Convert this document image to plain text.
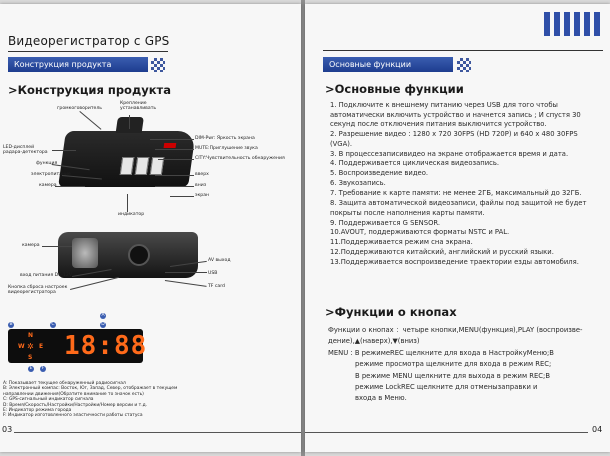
Видеорегистратор с GPS
Конструкция продукта
>Конструкция продукта
громкоговоритель
Крепление устанавливать
LED-дисплей радара-детектора
функция
электропитание
камера
индикатор
DIM-Pwr: Яркость экрана
MUTE:Приглушение звука
CITY:Чувствительность обнаружения
вверх
вниз
экран
камера
вход питания DC-12V
Кнопка сброса настроек видеорегистратора
AV выход
USB
TF card
A
B	C	D
E	F
N
E
S
W ✲ 18:88
A: Показывает текущее обнаруженный радиосигнал
B: Электронный компас: Восток, Юг, Запад, Север, отображает в текущем
направлении движения(Обратите внимание то значок есть)
C: GPS-сигнальный индикатор сигнала
D: Время/Скорость/Настройки/Настройки/Номер версии и т.д.
E: Индикатор режима города
F: Индикатор изготовленного эластичности работы статуса
03
Основные функции
>Основные функции
1. Подключите к внешнему питанию через USB для того чтобы автоматически включить устройство и начнется запись ; И спустя 30 секунд после отключения питания выключится устройство.
2. Разрешение видео : 1280 x 720 30FPS (HD 720P) и 640 x 480 30FPS (VGA).
3. В процессезаписивидео на экране отображается время и дата.
4. Поддерживается циклическая видеозапись.
5. Воспроизведение видео.
6. Звукозапись.
7. Требование к карте памяти: не менее 2ГБ, максимальный до 32ГБ.
8. Защита автоматической видеозаписи, файлы под защитой не будет покрыты после наполнения карты памяти.
9. Поддерживается G SENSOR.
10.AVOUT, поддерживаются форматы NSTC и PAL.
11.Поддерживается режим сна экрана.
12.Поддерживаются китайский, английский и русский языки.
13.Поддерживается воспроизведение траектории езды автомобиля.
>Функции о кнопах
Функции о кнопах ：четыре кнопки,MENU(функция),PLAY (воспроизве-
дение),▲(наверх),▼(вниз)
MENU : В режимеREC щелкните для входа в НастройкуМеню;В
режиме просмотра щелкните для входа в режим REC;
В режиме MENU щелкните для выхода в режим REC;В
режиме LockREC щелкните для отменызаправки и
входа в Меню.
04
